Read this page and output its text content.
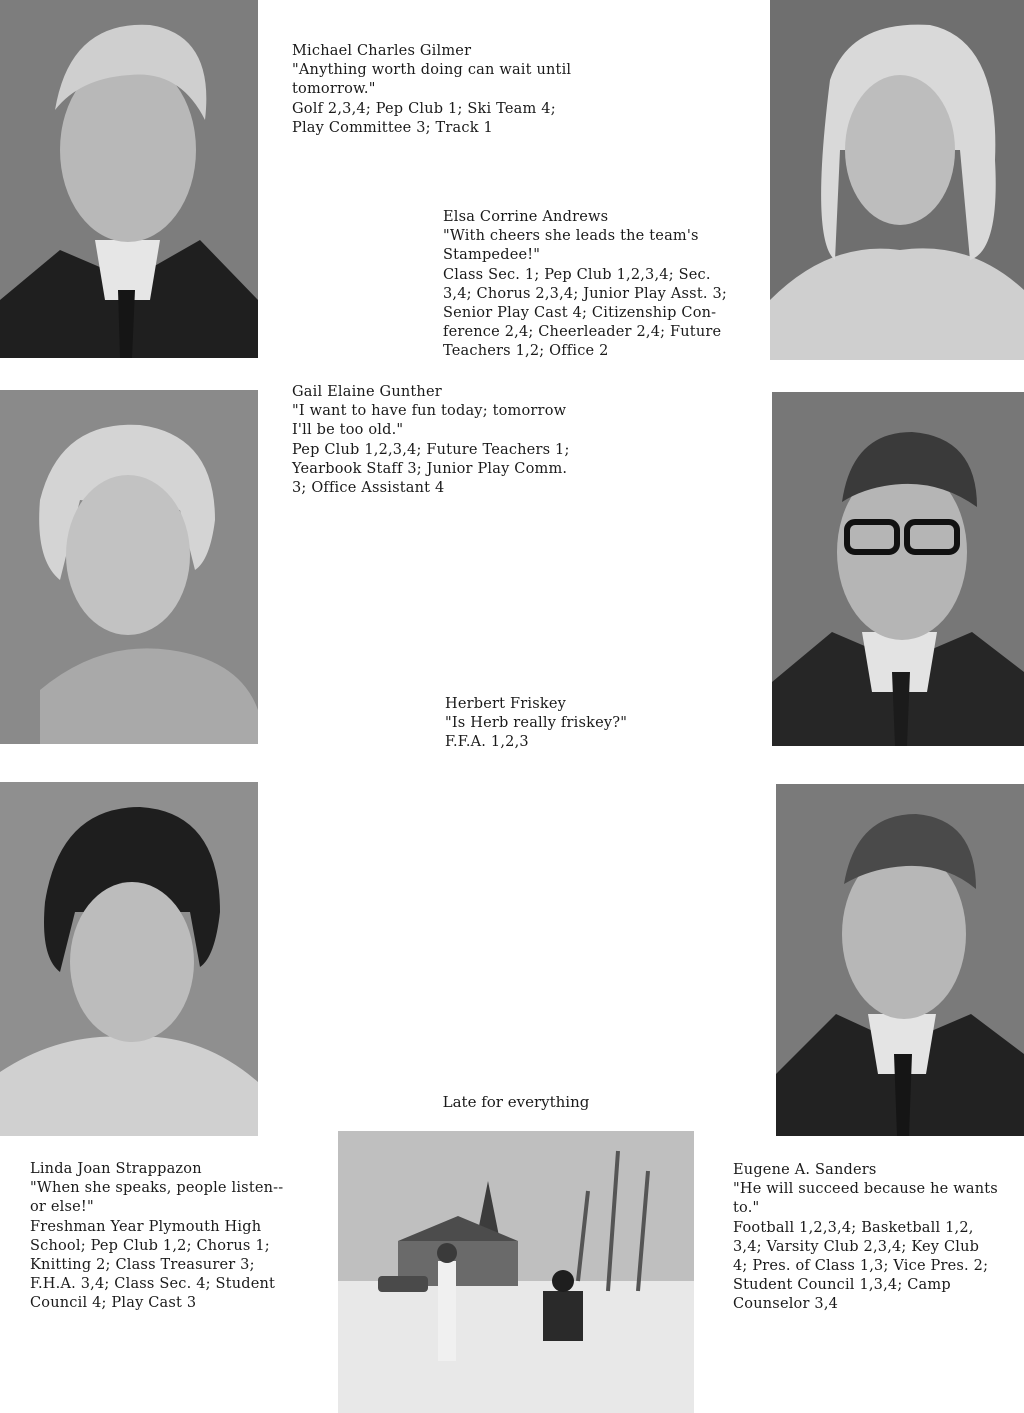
Michael Charles Gilmer
"Anything worth doing can wait until
tomorrow."
Golf 2,3,4; Pep Club 1; Ski Team 4;
Play Committee 3; Track 1
Elsa Corrine Andrews
"With cheers she leads the team's
Stampedee!"
Class Sec. 1; Pep Club 1,2,3,4; Sec.
3,4; Chorus 2,3,4; Junior Play Asst. 3;
Senior Play Cast 4; Citizenship Con-
ference 2,4; Cheerleader 2,4; Future
Teachers 1,2; Office 2
Gail Elaine Gunther
"I want to have fun today; tomorrow
I'll be too old."
Pep Club 1,2,3,4; Future Teachers 1;
Yearbook Staff 3; Junior Play Comm.
3; Office Assistant 4
Herbert Friskey
"Is Herb really friskey?"
F.F.A. 1,2,3
Late for everything
Linda Joan Strappazon
"When she speaks, people listen--
or else!"
Freshman Year Plymouth High
School; Pep Club 1,2; Chorus 1;
Knitting 2; Class Treasurer 3;
F.H.A. 3,4; Class Sec. 4; Student
Council 4; Play Cast 3
Eugene A. Sanders
"He will succeed because he wants
to."
Football 1,2,3,4; Basketball 1,2,
3,4; Varsity Club 2,3,4; Key Club
4; Pres. of Class 1,3; Vice Pres. 2;
Student Council 1,3,4; Camp
Counselor 3,4
